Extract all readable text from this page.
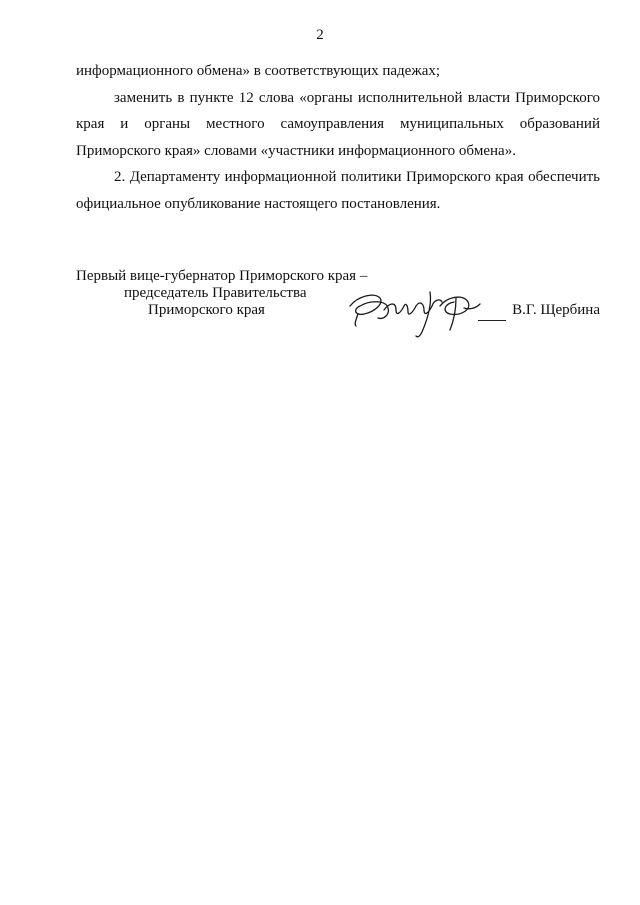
2

информационного обмена» в соответствующих падежах;

заменить в пункте 12 слова «органы исполнительной власти Приморского края и органы местного самоуправления муниципальных образований Приморского края» словами «участники информационного обмена».

2. Департаменту информационной политики Приморского края обеспечить официальное опубликование настоящего постановления.

Первый вице-губернатор Приморского края –
председатель Правительства
Приморского края	В.Г. Щербина
